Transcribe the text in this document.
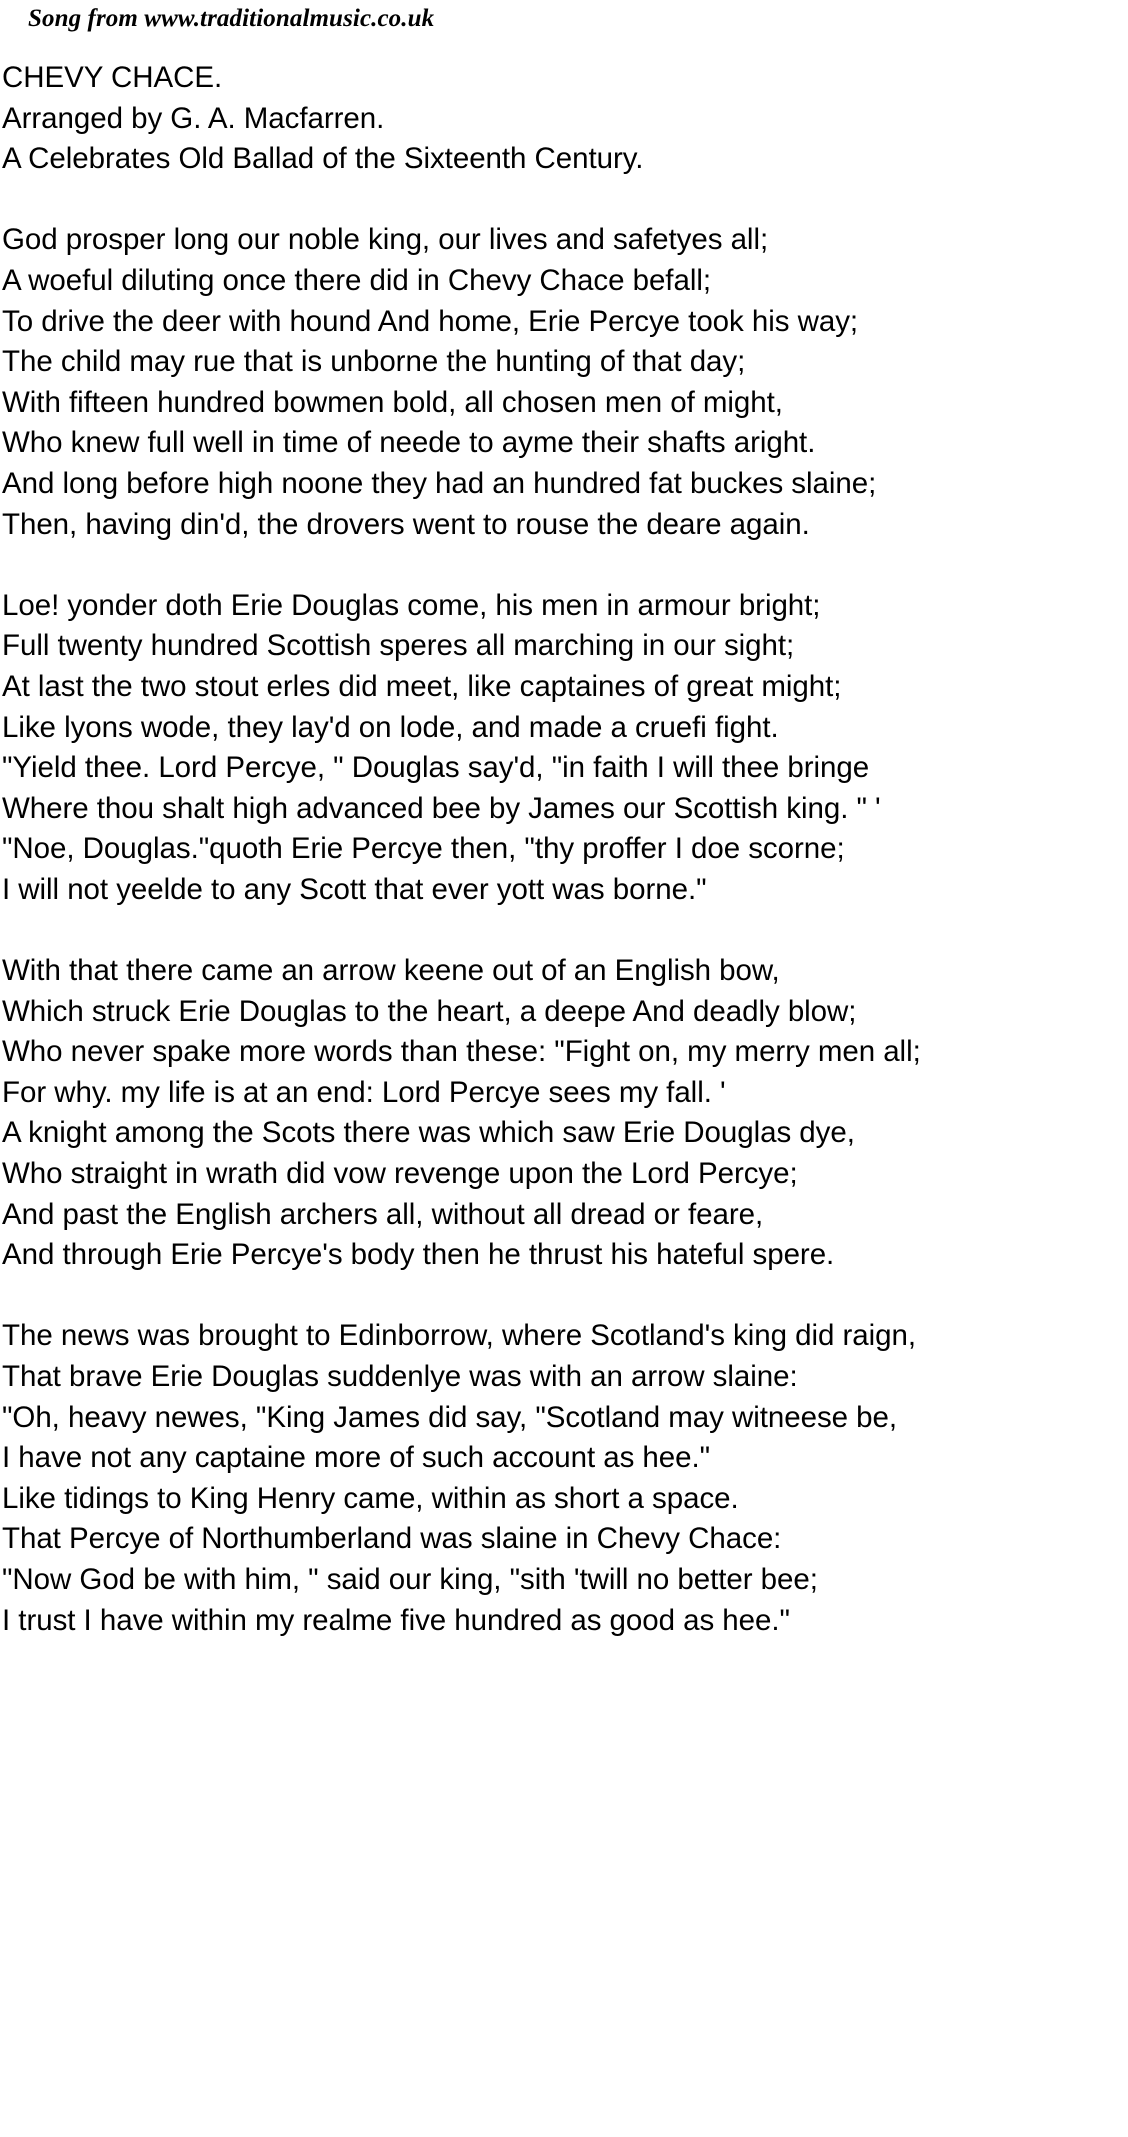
Song from www.traditionalmusic.co.uk
CHEVY CHACE.
Arranged by G. A. Macfarren.
A Celebrates Old Ballad of the Sixteenth Century.
God prosper long our noble king, our lives and safetyes all;
A woeful diluting once there did in Chevy Chace befall;
To drive the deer with hound And home, Erie Percye took his way;
The child may rue that is unborne the hunting of that day;
With fifteen hundred bowmen bold, all chosen men of might,
Who knew full well in time of neede to ayme their shafts aright.
And long before high noone they had an hundred fat buckes slaine;
Then, having din'd, the drovers went to rouse the deare again.
Loe! yonder doth Erie Douglas come, his men in armour bright;
Full twenty hundred Scottish speres all marching in our sight;
At last the two stout erles did meet, like captaines of great might;
Like lyons wode, they lay'd on lode, and made a cruefi fight.
"Yield thee. Lord Percye, " Douglas say'd, "in faith I will thee bringe
Where thou shalt high advanced bee by James our Scottish king. " '
"Noe, Douglas."quoth Erie Percye then, "thy proffer I doe scorne;
I will not yeelde to any Scott that ever yott was borne."
With that there came an arrow keene out of an English bow,
Which struck Erie Douglas to the heart, a deepe And deadly blow;
Who never spake more words than these: "Fight on, my merry men all;
For why. my life is at an end: Lord Percye sees my fall. '
A knight among the Scots there was which saw Erie Douglas dye,
Who straight in wrath did vow revenge upon the Lord Percye;
And past the English archers all, without all dread or feare,
And through Erie Percye's body then he thrust his hateful spere.
The news was brought to Edinborrow, where Scotland's king did raign,
That brave Erie Douglas suddenlye was with an arrow slaine:
"Oh, heavy newes, "King James did say, "Scotland may witneese be,
I have not any captaine more of such account as hee."
Like tidings to King Henry came, within as short a space.
That Percye of Northumberland was slaine in Chevy Chace:
"Now God be with him, " said our king, "sith 'twill no better bee;
I trust I have within my realme five hundred as good as hee."
